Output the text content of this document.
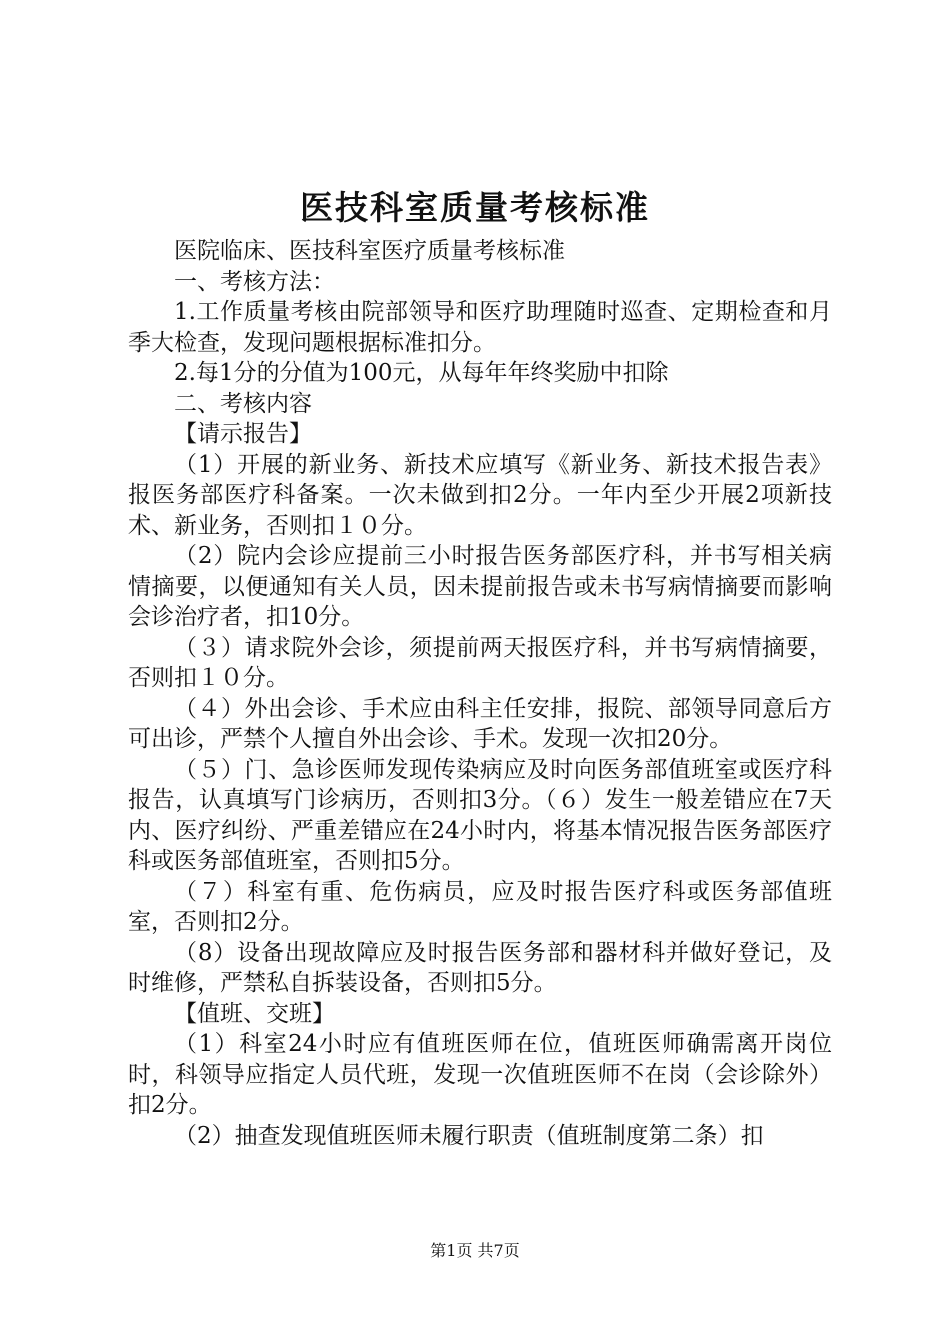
医技科室质量考核标准

医院临床、医技科室医疗质量考核标准

一、考核方法：

1.工作质量考核由院部领导和医疗助理随时巡查、定期检查和月季大检查，发现问题根据标准扣分。

2.每1分的分值为100元，从每年年终奖励中扣除

二、考核内容

【请示报告】

（1）开展的新业务、新技术应填写《新业务、新技术报告表》报医务部医疗科备案。一次未做到扣2分。一年内至少开展2项新技术、新业务，否则扣１０分。

（2）院内会诊应提前三小时报告医务部医疗科，并书写相关病情摘要，以便通知有关人员，因未提前报告或未书写病情摘要而影响会诊治疗者，扣10分。

（３）请求院外会诊，须提前两天报医疗科，并书写病情摘要，否则扣１０分。

（４）外出会诊、手术应由科主任安排，报院、部领导同意后方可出诊，严禁个人擅自外出会诊、手术。发现一次扣20分。

（５）门、急诊医师发现传染病应及时向医务部值班室或医疗科报告，认真填写门诊病历，否则扣3分。（６）发生一般差错应在7天内、医疗纠纷、严重差错应在24小时内，将基本情况报告医务部医疗科或医务部值班室，否则扣5分。

（７）科室有重、危伤病员，应及时报告医疗科或医务部值班室，否则扣2分。

（8）设备出现故障应及时报告医务部和器材科并做好登记，及时维修，严禁私自拆装设备，否则扣5分。

【值班、交班】

（1）科室24小时应有值班医师在位，值班医师确需离开岗位时，科领导应指定人员代班，发现一次值班医师不在岗（会诊除外）扣2分。

（2）抽查发现值班医师未履行职责（值班制度第二条）扣

第1页 共7页
